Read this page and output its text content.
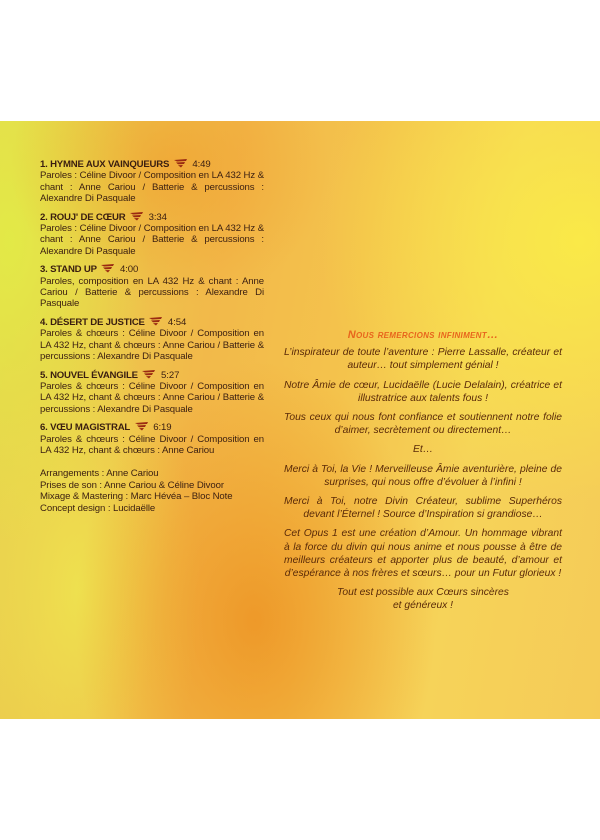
1. HYMNE AUX VAINQUEURS 4:49
Paroles : Céline Divoor / Composition en LA 432 Hz & chant : Anne Cariou / Batterie & percussions : Alexandre Di Pasquale
2. ROUJ' DE CŒUR 3:34
Paroles : Céline Divoor / Composition en LA 432 Hz & chant : Anne Cariou / Batterie & percussions : Alexandre Di Pasquale
3. STAND UP 4:00
Paroles, composition en LA 432 Hz & chant : Anne Cariou / Batterie & percussions : Alexandre Di Pasquale
4. DÉSERT DE JUSTICE 4:54
Paroles & chœurs : Céline Divoor / Composition en LA 432 Hz, chant & chœurs : Anne Cariou / Batterie & percussions : Alexandre Di Pasquale
5. NOUVEL ÉVANGILE 5:27
Paroles & chœurs : Céline Divoor / Composition en LA 432 Hz, chant & chœurs : Anne Cariou / Batterie & percussions : Alexandre Di Pasquale
6. VŒU MAGISTRAL 6:19
Paroles & chœurs : Céline Divoor / Composition en LA 432 Hz, chant & chœurs : Anne Cariou
Arrangements : Anne Cariou
Prises de son : Anne Cariou & Céline Divoor
Mixage & Mastering : Marc Hévéa – Bloc Note
Concept design : Lucidaëlle
Nous remercions infiniment…

L’inspirateur de toute l’aventure : Pierre Lassalle, créateur et auteur… tout simplement génial !

Notre Âmie de cœur, Lucidaëlle (Lucie Delalain), créatrice et illustratrice aux talents fous !

Tous ceux qui nous font confiance et soutiennent notre folie d’aimer, secrètement ou directement…

Et…

Merci à Toi, la Vie ! Merveilleuse Âmie aventurière, pleine de surprises, qui nous offre d’évoluer à l’infini !

Merci à Toi, notre Divin Créateur, sublime Superhéros devant l’Éternel ! Source d’Inspiration si grandiose…

Cet Opus 1 est une création d’Amour. Un hommage vibrant à la force du divin qui nous anime et nous pousse à être de meilleurs créateurs et apporter plus de beauté, d’amour et d’espérance à nos frères et sœurs… pour un Futur glorieux !

Tout est possible aux Cœurs sincères et généreux !
